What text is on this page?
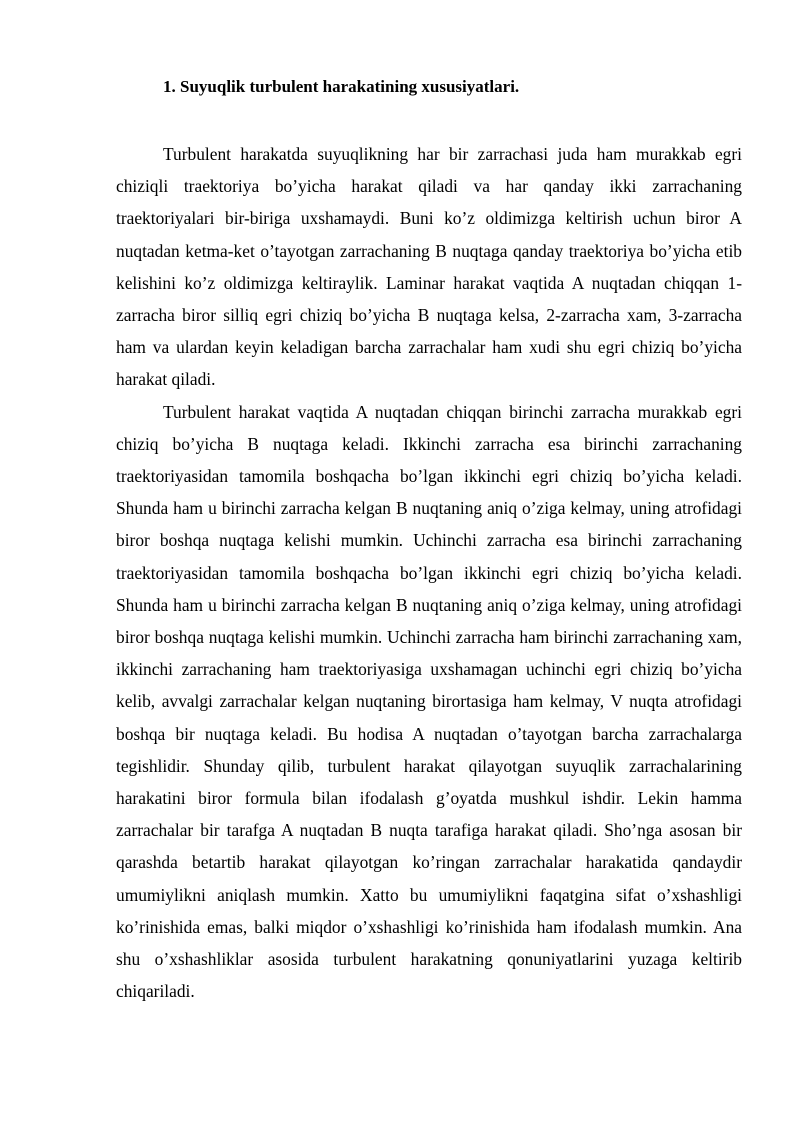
1. Suyuqlik turbulent harakatining xususiyatlari.

Turbulent harakatda suyuqlikning har bir zarrachasi juda ham murakkab egri chiziqli traektoriya bo’yicha harakat qiladi va har qanday ikki zarrachaning traektoriyalari bir-biriga uxshamaydi. Buni ko’z oldimizga keltirish uchun biror A nuqtadan ketma-ket o’tayotgan zarrachaning B nuqtaga qanday traektoriya bo’yicha etib kelishini ko’z oldimizga keltiraylik. Laminar harakat vaqtida A nuqtadan chiqqan 1-zarracha biror silliq egri chiziq bo’yicha B nuqtaga kelsa, 2-zarracha xam, 3-zarracha ham va ulardan keyin keladigan barcha zarrachalar ham xudi shu egri chiziq bo’yicha harakat qiladi.

Turbulent harakat vaqtida A nuqtadan chiqqan birinchi zarracha murakkab egri chiziq bo’yicha B nuqtaga keladi. Ikkinchi zarracha esa birinchi zarrachaning traektoriyasidan tamomila boshqacha bo’lgan ikkinchi egri chiziq bo’yicha keladi. Shunda ham u birinchi zarracha kelgan B nuqtaning aniq o’ziga kelmay, uning atrofidagi biror boshqa nuqtaga kelishi mumkin. Uchinchi zarracha esa birinchi zarrachaning traektoriyasidan tamomila boshqacha bo’lgan ikkinchi egri chiziq bo’yicha keladi. Shunda ham u birinchi zarracha kelgan B nuqtaning aniq o’ziga kelmay, uning atrofidagi biror boshqa nuqtaga kelishi mumkin. Uchinchi zarracha ham birinchi zarrachaning xam, ikkinchi zarrachaning ham traektoriyasiga uxshamagan uchinchi egri chiziq bo’yicha kelib, avvalgi zarrachalar kelgan nuqtaning birortasiga ham kelmay, V nuqta atrofidagi boshqa bir nuqtaga keladi. Bu hodisa A nuqtadan o’tayotgan barcha zarrachalarga tegishlidir. Shunday qilib, turbulent harakat qilayotgan suyuqlik zarrachalarining harakatini biror formula bilan ifodalash g’oyatda mushkul ishdir. Lekin hamma zarrachalar bir tarafga A nuqtadan B nuqta tarafiga harakat qiladi. Sho’nga asosan bir qarashda betartib harakat qilayotgan ko’ringan zarrachalar harakatida qandaydir umumiylikni aniqlash mumkin. Xatto bu umumiylikni faqatgina sifat o’xshashligi ko’rinishida emas, balki miqdor o’xshashligi ko’rinishida ham ifodalash mumkin. Ana shu o’xshashliklar asosida turbulent harakatning qonuniyatlarini yuzaga keltirib chiqariladi.
